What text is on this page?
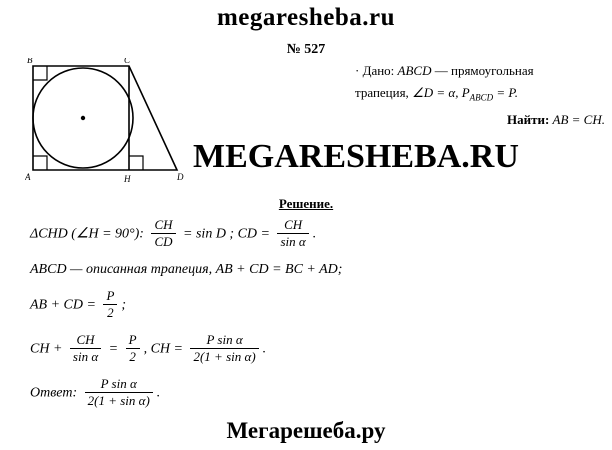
megaresheba.ru
№ 527
B	C
A	H	D
· Дано: ABCD — прямоугольная
трапеция, ∠D = α, $P_{ABCD} = P$.
Найти: AB = CH.
MEGARESHEBA.RU
Решение.
ΔCHD (∠H = 90°): $\frac{CH}{CD} = \sin D$ ; CD = $\frac{CH}{\text{sin α}}$ .
ABCD — описанная трапеция, AB + CD = BC + AD;
AB + CD = $\frac{P}{2}$ ;
CH + $\frac{CH}{\text{sin α}} = \frac{P}{2}$ , CH = $\frac{\text{P sin α}}{\text{2(1 + sin α)}}$ .
Ответ: $\frac{\text{P sin α}}{\text{2(1 + sin α)}}$ .
Мегарешеба.ру
